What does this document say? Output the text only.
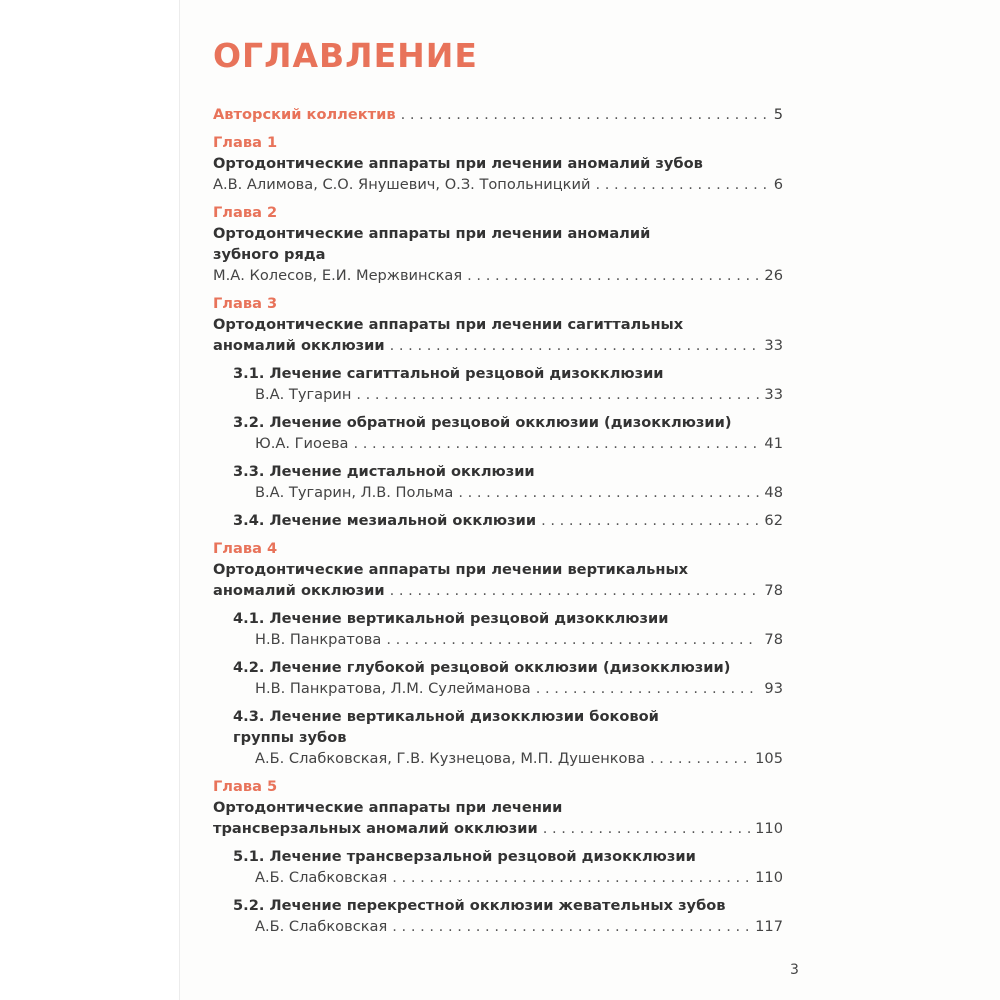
ОГЛАВЛЕНИЕ
Авторский коллектив . . .	5
Глава 1
Ортодонтические аппараты при лечении аномалий зубов
А.В. Алимова, С.О. Янушевич, О.З. Топольницкий . . .	6
Глава 2
Ортодонтические аппараты при лечении аномалий
зубного ряда
М.А. Колесов, Е.И. Мержвинская . . .	26
Глава 3
Ортодонтические аппараты при лечении сагиттальных
аномалий окклюзии . . .	33
3.1. Лечение сагиттальной резцовой дизокклюзии
В.А. Тугарин . . .	33
3.2. Лечение обратной резцовой окклюзии (дизокклюзии)
Ю.А. Гиоева . . .	41
3.3. Лечение дистальной окклюзии
В.А. Тугарин, Л.В. Польма . . .	48
3.4. Лечение мезиальной окклюзии . . .	62
Глава 4
Ортодонтические аппараты при лечении вертикальных
аномалий окклюзии . . .	78
4.1. Лечение вертикальной резцовой дизокклюзии
Н.В. Панкратова . . .	78
4.2. Лечение глубокой резцовой окклюзии (дизокклюзии)
Н.В. Панкратова, Л.М. Сулейманова . . .	93
4.3. Лечение вертикальной дизокклюзии боковой
группы зубов
А.Б. Слабковская, Г.В. Кузнецова, М.П. Душенкова . . .	105
Глава 5
Ортодонтические аппараты при лечении
трансверзальных аномалий окклюзии . . .	110
5.1. Лечение трансверзальной резцовой дизокклюзии
А.Б. Слабковская . . .	110
5.2. Лечение перекрестной окклюзии жевательных зубов
А.Б. Слабковская . . .	117
3
